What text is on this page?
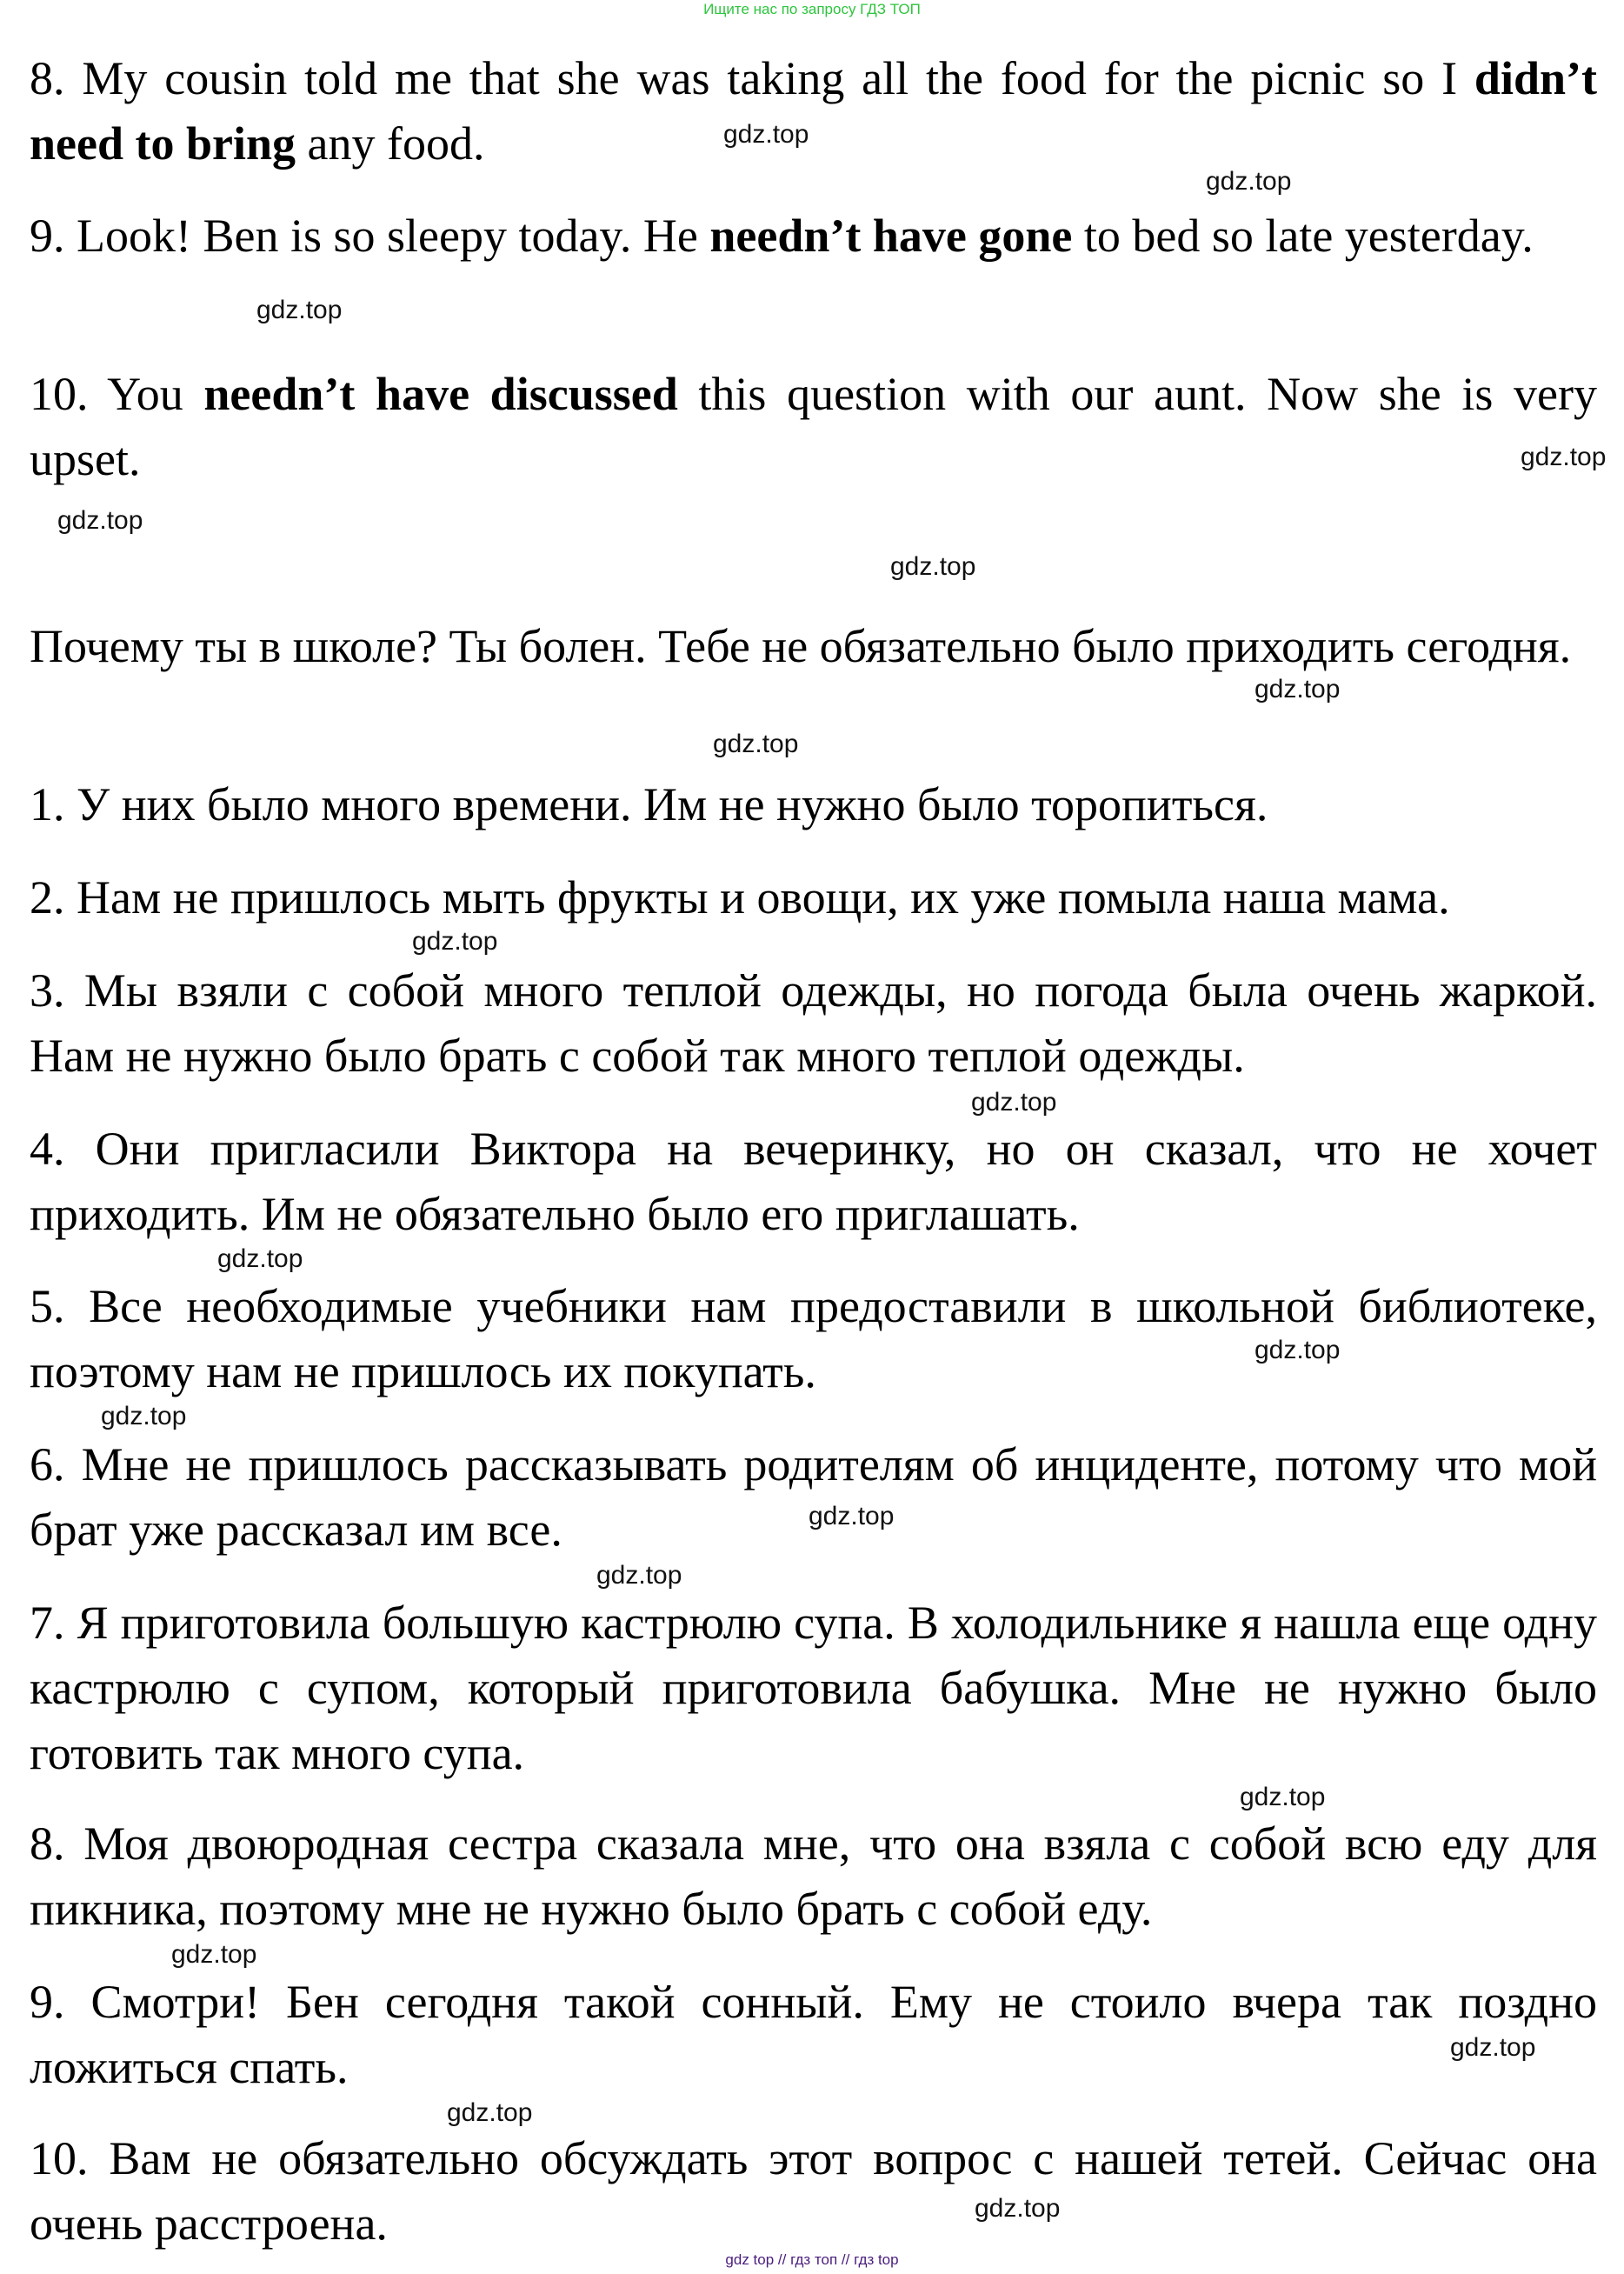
Ищите нас по запросу ГДЗ ТОП

8. My cousin told me that she was taking all the food for the picnic so I didn’t need to bring any food.

9. Look! Ben is so sleepy today. He needn’t have gone to bed so late yesterday.

10. You needn’t have discussed this question with our aunt. Now she is very upset.

Почему ты в школе? Ты болен. Тебе не обязательно было приходить сегодня.

1. У них было много времени. Им не нужно было торопиться.

2. Нам не пришлось мыть фрукты и овощи, их уже помыла наша мама.

3. Мы взяли с собой много теплой одежды, но погода была очень жаркой. Нам не нужно было брать с собой так много теплой одежды.

4. Они пригласили Виктора на вечеринку, но он сказал, что не хочет приходить. Им не обязательно было его приглашать.

5. Все необходимые учебники нам предоставили в школьной библиотеке, поэтому нам не пришлось их покупать.

6. Мне не пришлось рассказывать родителям об инциденте, потому что мой брат уже рассказал им все.

7. Я приготовила большую кастрюлю супа. В холодильнике я нашла еще одну кастрюлю с супом, который приготовила бабушка. Мне не нужно было готовить так много супа.

8. Моя двоюродная сестра сказала мне, что она взяла с собой всю еду для пикника, поэтому мне не нужно было брать с собой еду.

9. Смотри! Бен сегодня такой сонный. Ему не стоило вчера так поздно ложиться спать.

10. Вам не обязательно обсуждать этот вопрос с нашей тетей. Сейчас она очень расстроена.

gdz.top
gdz.top
gdz.top
gdz.top
gdz.top
gdz.top
gdz.top
gdz.top
gdz.top
gdz.top
gdz.top
gdz.top
gdz.top
gdz.top
gdz.top
gdz.top
gdz.top
gdz.top
gdz.top
gdz.top
gdz top // гдз топ // гдз top
